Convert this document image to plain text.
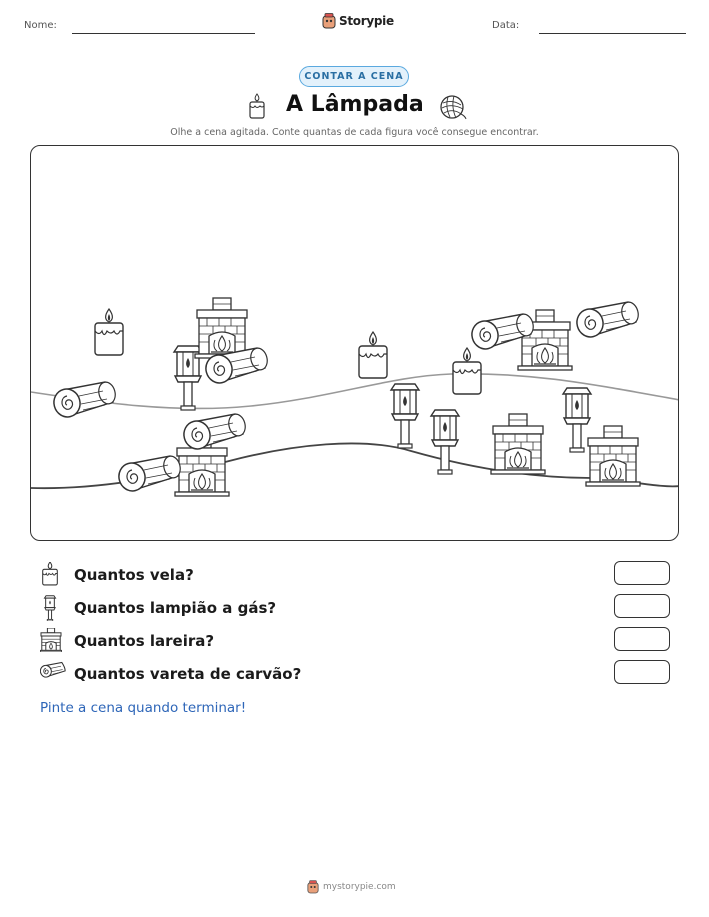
Nome:	Storypie	Data:
CONTAR A CENA
A Lâmpada
Olhe a cena agitada. Conte quantas de cada figura você consegue encontrar.
Quantos vela?
Quantos lampião a gás?
Quantos lareira?
Quantos vareta de carvão?
Pinte a cena quando terminar!
mystorypie.com
